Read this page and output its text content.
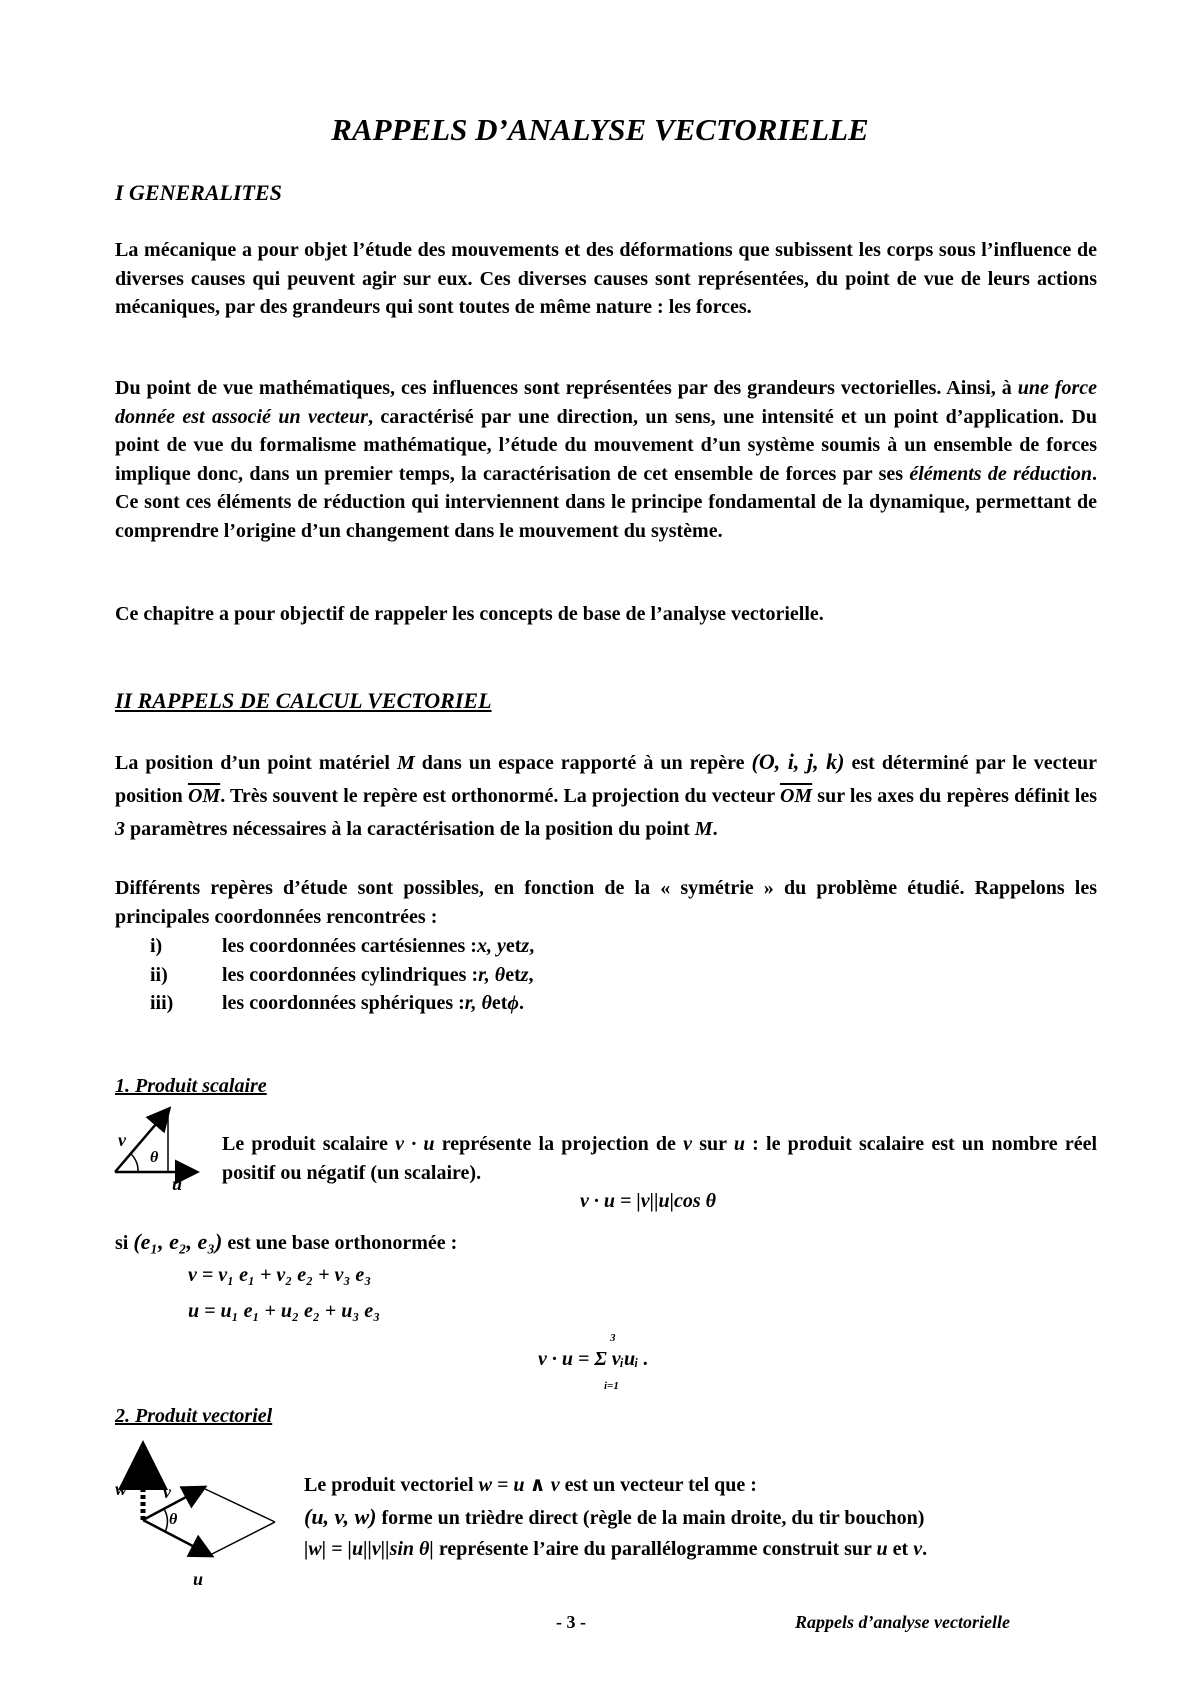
RAPPELS D’ANALYSE VECTORIELLE
I GENERALITES

La mécanique a pour objet l’étude des mouvements et des déformations que subissent les corps sous l’influence de diverses causes qui peuvent agir sur eux. Ces diverses causes sont représentées, du point de vue de leurs actions mécaniques, par des grandeurs qui sont toutes de même nature : les forces.

Du point de vue mathématiques, ces influences sont représentées par des grandeurs vectorielles. Ainsi, à une force donnée est associé un vecteur, caractérisé par une direction, un sens, une intensité et un point d’application. Du point de vue du formalisme mathématique, l’étude du mouvement d’un système soumis à un ensemble de forces implique donc, dans un premier temps, la caractérisation de cet ensemble de forces par ses éléments de réduction. Ce sont ces éléments de réduction qui interviennent dans le principe fondamental de la dynamique, permettant de comprendre l’origine d’un changement dans le mouvement du système.

Ce chapitre a pour objectif de rappeler les concepts de base de l’analyse vectorielle.

II RAPPELS DE CALCUL VECTORIEL

La position d’un point matériel M dans un espace rapporté à un repère (O, i, j, k) est déterminé par le vecteur position $\overline{OM}$. Très souvent le repère est orthonormé. La projection du vecteur $\overline{OM}$ sur les axes du repères définit les 3 paramètres nécessaires à la caractérisation de la position du point M.

Différents repères d’étude sont possibles, en fonction de la « symétrie » du problème étudié. Rappelons les principales coordonnées rencontrées :

i)	les coordonnées cartésiennes : x, y et z ,
ii)	les coordonnées cylindriques : r, θ et z ,
iii)	les coordonnées sphériques : r, θ et ϕ .
1. Produit scalaire
v
θ
u

Le produit scalaire v · u représente la projection de v sur u : le produit scalaire est un nombre réel positif ou négatif (un scalaire).

v · u = |v||u|cos θ

si (e₁, e₂, e₃) est une base orthonormée :

v = v₁ e₁ + v₂ e₂ + v₃ e₃
u = u₁ e₁ + u₂ e₂ + u₃ e₃
v · u = Σ vᵢuᵢ .
3
i=1
2. Produit vectoriel
w v
θ
u

Le produit vectoriel w = u ∧ v est un vecteur tel que :

(u, v, w) forme un trièdre direct (règle de la main droite, du tir bouchon)

|w| = |u||v||sin θ| représente l’aire du parallélogramme construit sur u et v.

- 3 -	Rappels d’analyse vectorielle
